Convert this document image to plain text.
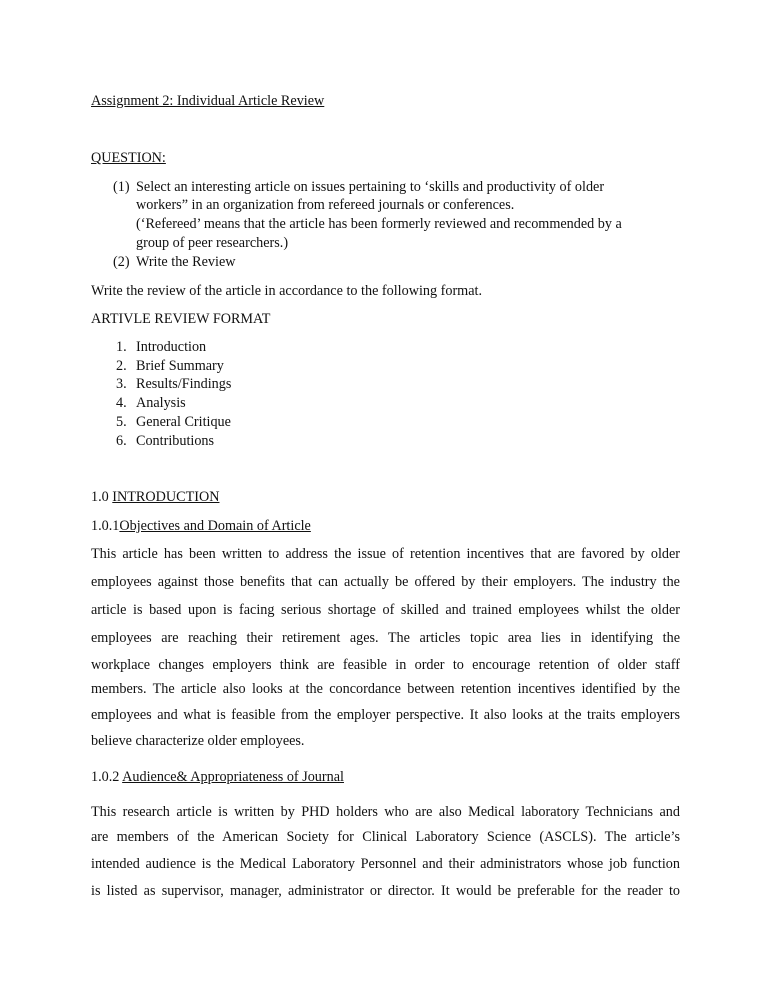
Assignment 2: Individual Article Review
QUESTION:
(1) Select an interesting article on issues pertaining to ‘skills and productivity of older
workers” in an organization from refereed journals or conferences.
(‘Refereed’ means that the article has been formerly reviewed and recommended by a
group of peer researchers.)
(2) Write the Review
Write the review of the article in accordance to the following format.
ARTIVLE REVIEW FORMAT
1. Introduction
2. Brief Summary
3. Results/Findings
4. Analysis
5. General Critique
6. Contributions
1.0 INTRODUCTION
1.0.1Objectives and Domain of Article
This article has been written to address the issue of retention incentives that are favored by older
employees against those benefits that can actually be offered by their employers. The industry the
article is based upon is facing serious shortage of skilled and trained employees whilst the older
employees are reaching their retirement ages. The articles topic area lies in identifying the
workplace changes employers think are feasible in order to encourage retention of older staff
members. The article also looks at the concordance between retention incentives identified by the
employees and what is feasible from the employer perspective. It also looks at the traits employers
believe characterize older employees.
1.0.2 Audience& Appropriateness of Journal
This research article is written by PHD holders who are also Medical laboratory Technicians and
are members of the American Society for Clinical Laboratory Science (ASCLS). The article’s
intended audience is the Medical Laboratory Personnel and their administrators whose job function
is listed as supervisor, manager, administrator or director. It would be preferable for the reader to
